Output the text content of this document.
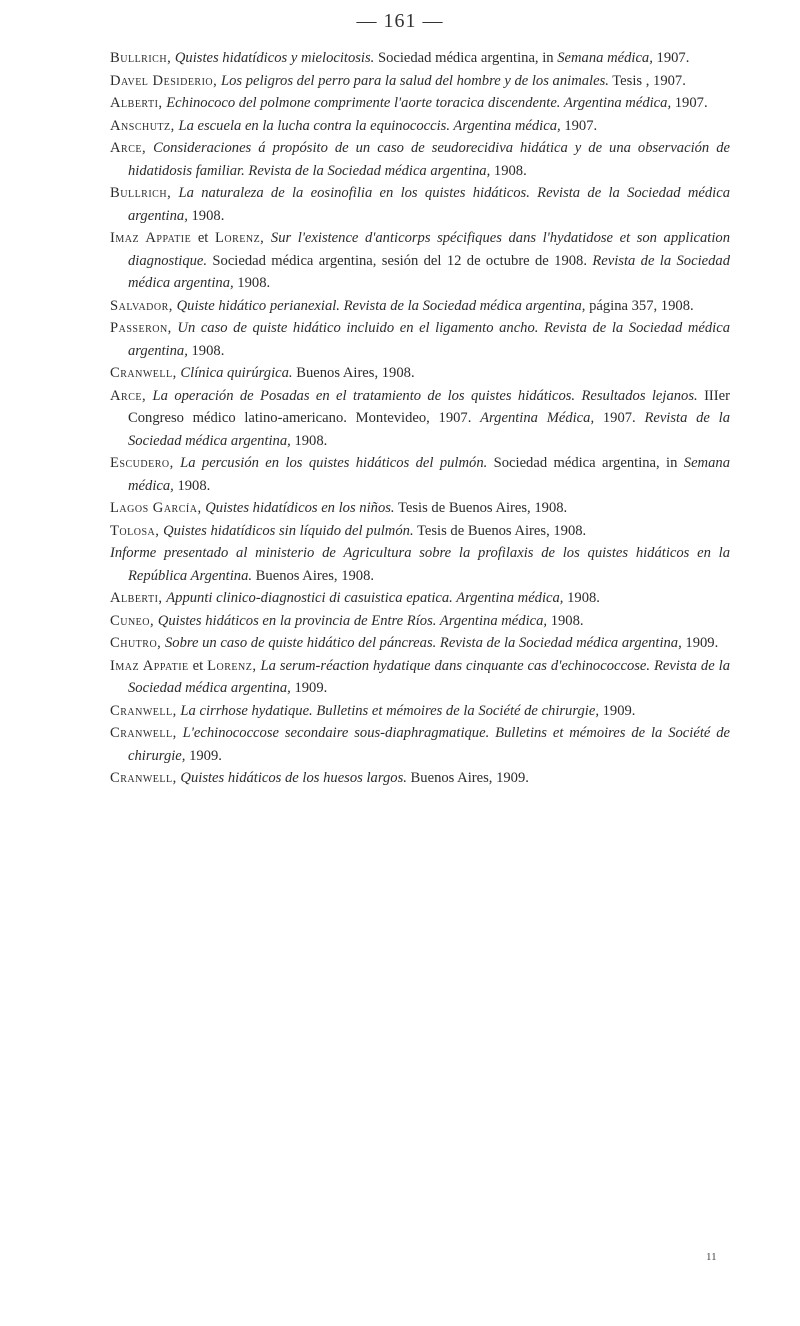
— 161 —

Bullrich, Quistes hidatídicos y mielocitosis. Sociedad médica argentina, in Semana médica, 1907.

Davel Desiderio, Los peligros del perro para la salud del hombre y de los animales. Tesis , 1907.

Alberti, Echinococo del polmone comprimente l'aorte toracica discendente. Argentina médica, 1907.

Anschutz, La escuela en la lucha contra la equinococcis. Argentina médica, 1907.

Arce, Consideraciones á propósito de un caso de seudorecidiva hidática y de una observación de hidatidosis familiar. Revista de la Sociedad médica argentina, 1908.

Bullrich, La naturaleza de la eosinofilia en los quistes hidáticos. Revista de la Sociedad médica argentina, 1908.

Imaz Appatie et Lorenz, Sur l'existence d'anticorps spécifiques dans l'hydatidose et son application diagnostique. Sociedad médica argentina, sesión del 12 de octubre de 1908. Revista de la Sociedad médica argentina, 1908.

Salvador, Quiste hidático perianexial. Revista de la Sociedad médica argentina, página 357, 1908.

Passeron, Un caso de quiste hidático incluido en el ligamento ancho. Revista de la Sociedad médica argentina, 1908.

Cranwell, Clínica quirúrgica. Buenos Aires, 1908.

Arce, La operación de Posadas en el tratamiento de los quistes hidáticos. Resultados lejanos. IIIer Congreso médico latino-americano. Montevideo, 1907. Argentina Médica, 1907. Revista de la Sociedad médica argentina, 1908.

Escudero, La percusión en los quistes hidáticos del pulmón. Sociedad médica argentina, in Semana médica, 1908.

Lagos García, Quistes hidatídicos en los niños. Tesis de Buenos Aires, 1908.

Tolosa, Quistes hidatídicos sin líquido del pulmón. Tesis de Buenos Aires, 1908.

Informe presentado al ministerio de Agricultura sobre la profilaxis de los quistes hidáticos en la República Argentina. Buenos Aires, 1908.

Alberti, Appunti clinico-diagnostici di casuistica epatica. Argentina médica, 1908.

Cuneo, Quistes hidáticos en la provincia de Entre Ríos. Argentina médica, 1908.

Chutro, Sobre un caso de quiste hidático del páncreas. Revista de la Sociedad médica argentina, 1909.

Imaz Appatie et Lorenz, La serum-réaction hydatique dans cinquante cas d'echinococcose. Revista de la Sociedad médica argentina, 1909.

Cranwell, La cirrhose hydatique. Bulletins et mémoires de la Société de chirurgie, 1909.

Cranwell, L'echinococcose secondaire sous-diaphragmatique. Bulletins et mémoires de la Société de chirurgie, 1909.

Cranwell, Quistes hidáticos de los huesos largos. Buenos Aires, 1909.

11
